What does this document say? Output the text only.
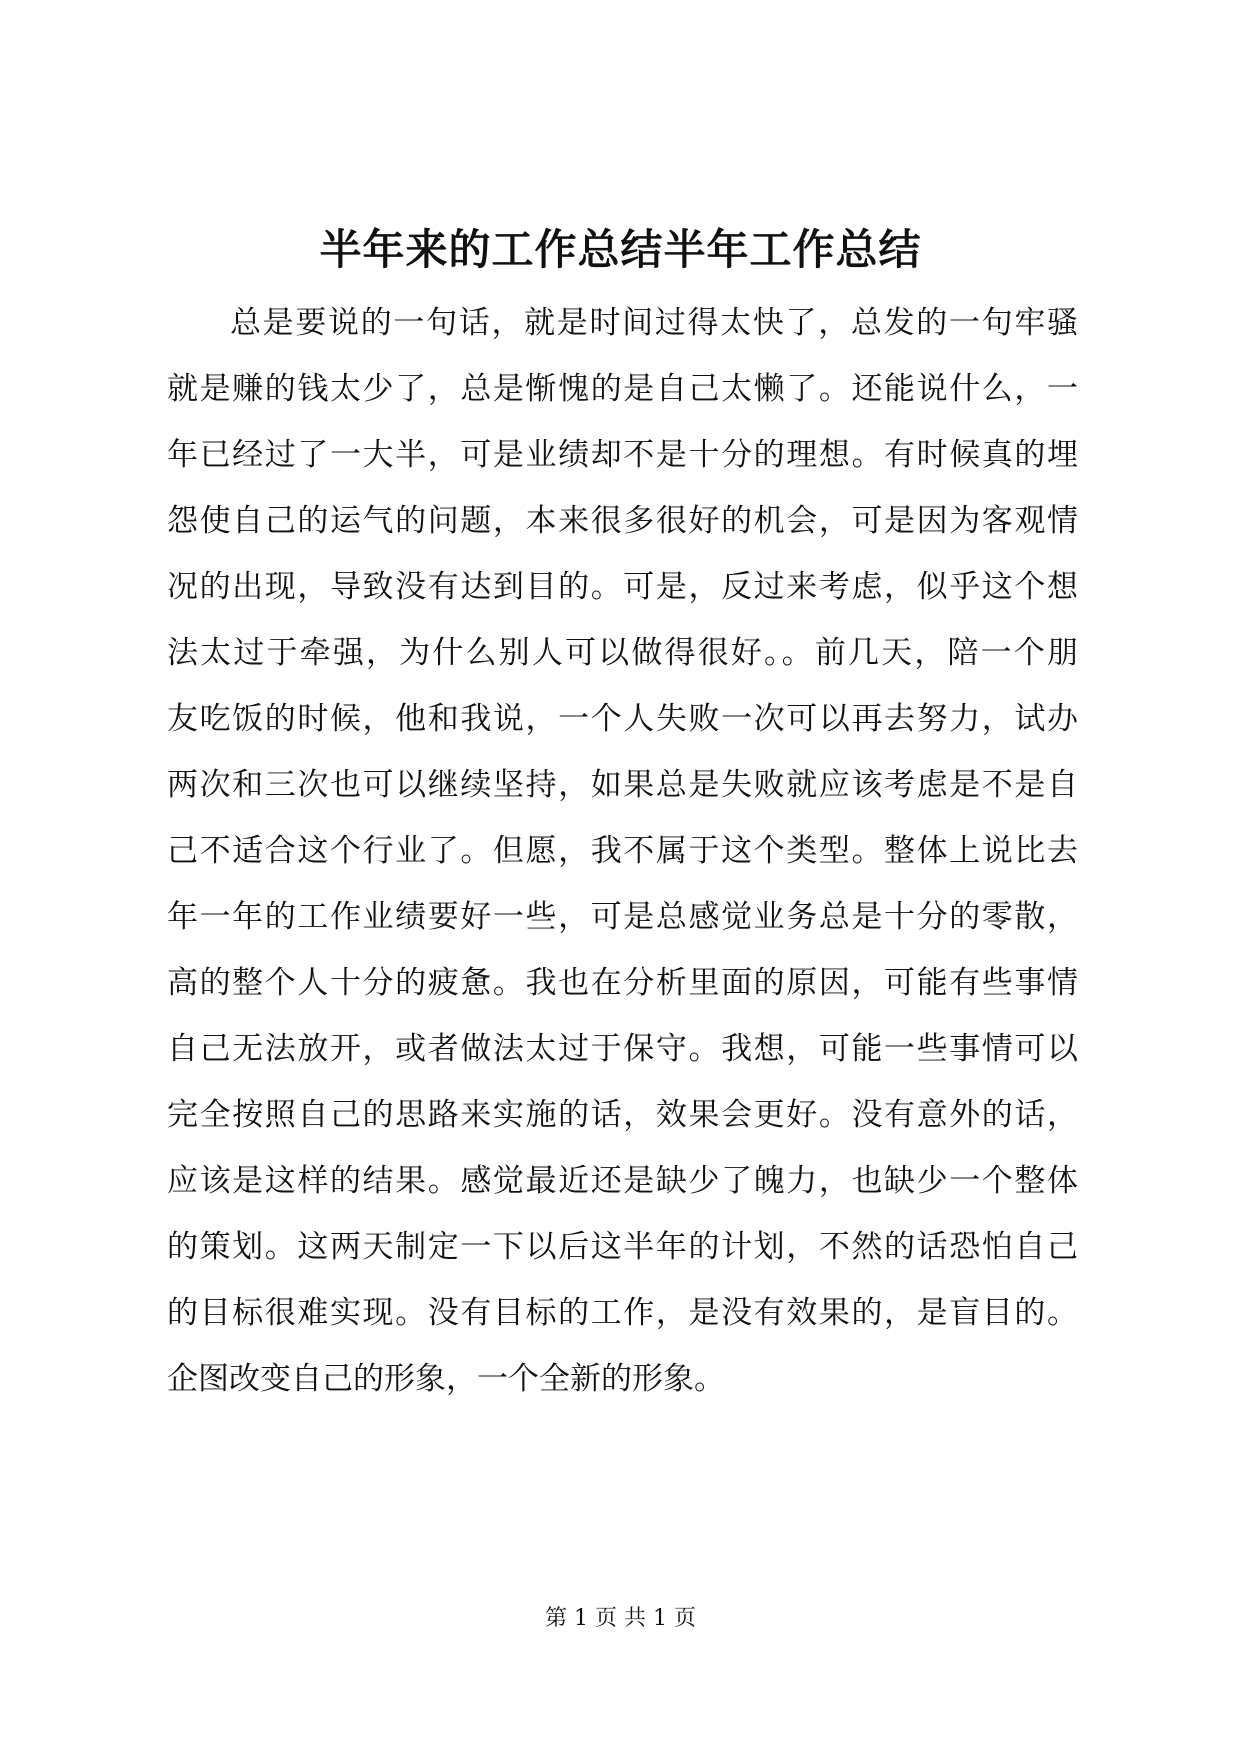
半年来的工作总结半年工作总结
总是要说的一句话，就是时间过得太快了，总发的一句牢骚
就是赚的钱太少了，总是惭愧的是自己太懒了。还能说什么，一
年已经过了一大半，可是业绩却不是十分的理想。有时候真的埋
怨使自己的运气的问题，本来很多很好的机会，可是因为客观情
况的出现，导致没有达到目的。可是，反过来考虑，似乎这个想
法太过于牵强，为什么别人可以做得很好。。前几天，陪一个朋
友吃饭的时候，他和我说，一个人失败一次可以再去努力，试办
两次和三次也可以继续坚持，如果总是失败就应该考虑是不是自
己不适合这个行业了。但愿，我不属于这个类型。整体上说比去
年一年的工作业绩要好一些，可是总感觉业务总是十分的零散，
高的整个人十分的疲惫。我也在分析里面的原因，可能有些事情
自己无法放开，或者做法太过于保守。我想，可能一些事情可以
完全按照自己的思路来实施的话，效果会更好。没有意外的话，
应该是这样的结果。感觉最近还是缺少了魄力，也缺少一个整体
的策划。这两天制定一下以后这半年的计划，不然的话恐怕自己
的目标很难实现。没有目标的工作，是没有效果的，是盲目的。
企图改变自己的形象，一个全新的形象。
第 1 页 共 1 页
